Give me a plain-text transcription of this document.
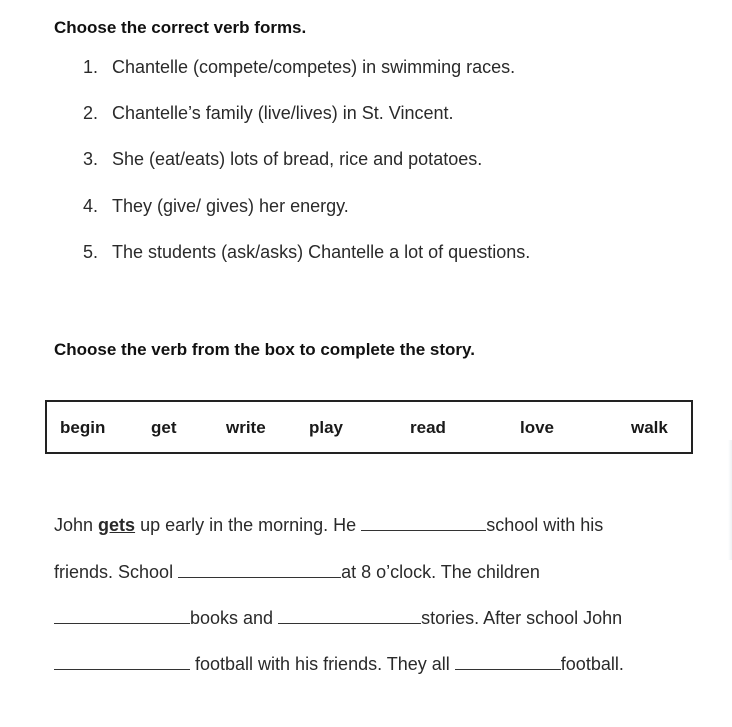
Choose the correct verb forms.
1. Chantelle (compete/competes) in swimming races.
2. Chantelle’s family (live/lives) in St. Vincent.
3. She (eat/eats) lots of bread, rice and potatoes.
4. They (give/ gives) her energy.
5. The students (ask/asks) Chantelle a lot of questions.
Choose the verb from the box to complete the story.
begin	get	write	play	read	love	walk
John gets up early in the morning. He	school with his
friends. School	at 8 o’clock. The children
books and	stories. After school John
football with his friends. They all	football.
